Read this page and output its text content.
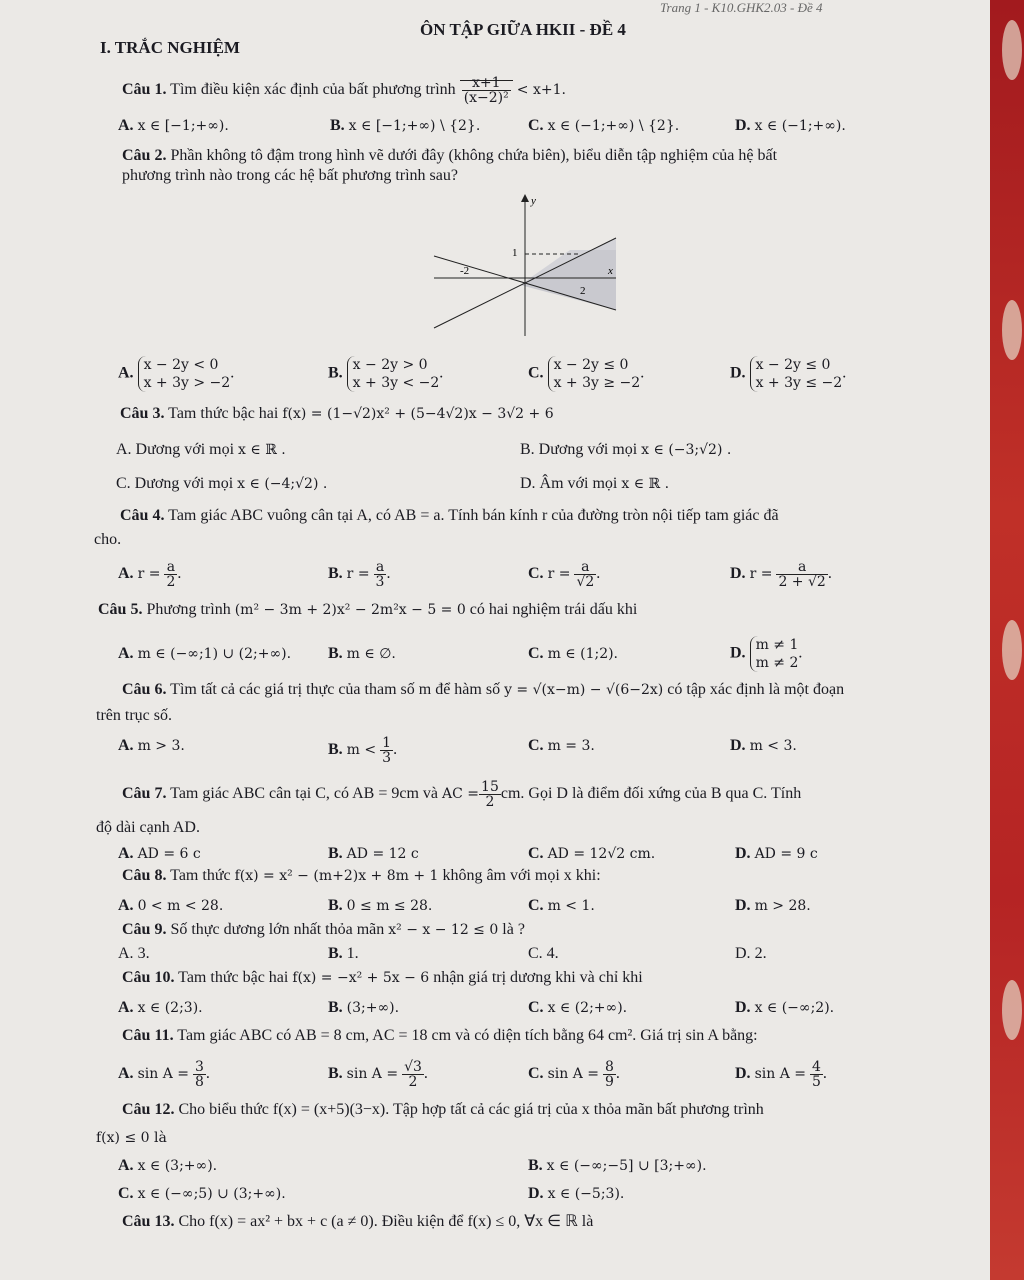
Trang 1 - K10.GHK2.03 - Đề 4
ÔN TẬP GIỮA HKII - ĐỀ 4
I. TRẮC NGHIỆM
Câu 1. Tìm điều kiện xác định của bất phương trình $\frac{x+1}{\text{(x−2)²}} < x+1$.
A. x ∈ [−1;+∞).	B. x ∈ [−1;+∞) \ {2}.	C. x ∈ (−1;+∞) \ {2}.	D. x ∈ (−1;+∞).
Câu 2. Phần không tô đậm trong hình vẽ dưới đây (không chứa biên), biểu diễn tập nghiệm của hệ bất
phương trình nào trong các hệ bất phương trình sau?
y
x
1
-2
2
A. x − 2y < 0
x + 3y > −2.	B. x − 2y > 0
x + 3y < −2.	C. x − 2y ≤ 0
x + 3y ≥ −2.	D. x − 2y ≤ 0
x + 3y ≤ −2.
Câu 3. Tam thức bậc hai f(x) = (1−√2)x² + (5−4√2)x − 3√2 + 6
A. Dương với mọi x ∈ ℝ .	B. Dương với mọi x ∈ (−3;√2) .
C. Dương với mọi x ∈ (−4;√2) .	D. Âm với mọi x ∈ ℝ .
Câu 4. Tam giác ABC vuông cân tại A, có AB = a. Tính bán kính r của đường tròn nội tiếp tam giác đã
cho.
A. $r = \frac{a}{2}$ .	B. $r = \frac{a}{3}$ .	C. $r = \frac{a}{√2}$ .	D. $r = \frac{a}{2 + √2}$ .
Câu 5. Phương trình (m² − 3m + 2)x² − 2m²x − 5 = 0 có hai nghiệm trái dấu khi
A. m ∈ (−∞;1) ∪ (2;+∞). B. m ∈ ∅.	C. m ∈ (1;2).	D. m ≠ 1
m ≠ 2.
Câu 6. Tìm tất cả các giá trị thực của tham số m để hàm số y = √(x−m) − √(6−2x) có tập xác định là một đoạn
trên trục số.
A. m > 3.	B. $m < \frac{1}{3}$ .	C. m = 3.	D. m < 3.
Câu 7. Tam giác ABC cân tại C, có AB = 9cm và AC = $\frac{15}{2}$ cm. Gọi D là điểm đối xứng của B qua C. Tính
độ dài cạnh AD.
A. AD = 6 c	B. AD = 12 c	C. AD = 12√2 cm.	D. AD = 9 c
Câu 8. Tam thức f(x) = x² − (m+2)x + 8m + 1 không âm với mọi x khi:
A. 0 < m < 28.	B. 0 ≤ m ≤ 28.	C. m < 1.	D. m > 28.
Câu 9. Số thực dương lớn nhất thỏa mãn x² − x − 12 ≤ 0 là ?
A. 3.	B. 1.	C. 4.	D. 2.
Câu 10. Tam thức bậc hai f(x) = −x² + 5x − 6 nhận giá trị dương khi và chỉ khi
A. x ∈ (2;3).	B. (3;+∞).	C. x ∈ (2;+∞).	D. x ∈ (−∞;2).
Câu 11. Tam giác ABC có AB = 8 cm, AC = 18 cm và có diện tích bằng 64 cm². Giá trị sin A bằng:
A. $\sin A = \frac{3}{8}$ .	B. $\sin A = \frac{√3}{2}$ .	C. $\sin A = \frac{8}{9}$ .	D. $\sin A = \frac{4}{5}$ .
Câu 12. Cho biểu thức f(x) = (x+5)(3−x). Tập hợp tất cả các giá trị của x thỏa mãn bất phương trình
f(x) ≤ 0 là
A. x ∈ (3;+∞).	B. x ∈ (−∞;−5] ∪ [3;+∞).
C. x ∈ (−∞;5) ∪ (3;+∞).	D. x ∈ (−5;3).
Câu 13. Cho f(x) = ax² + bx + c (a ≠ 0). Điều kiện để f(x) ≤ 0, ∀x ∈ ℝ là
